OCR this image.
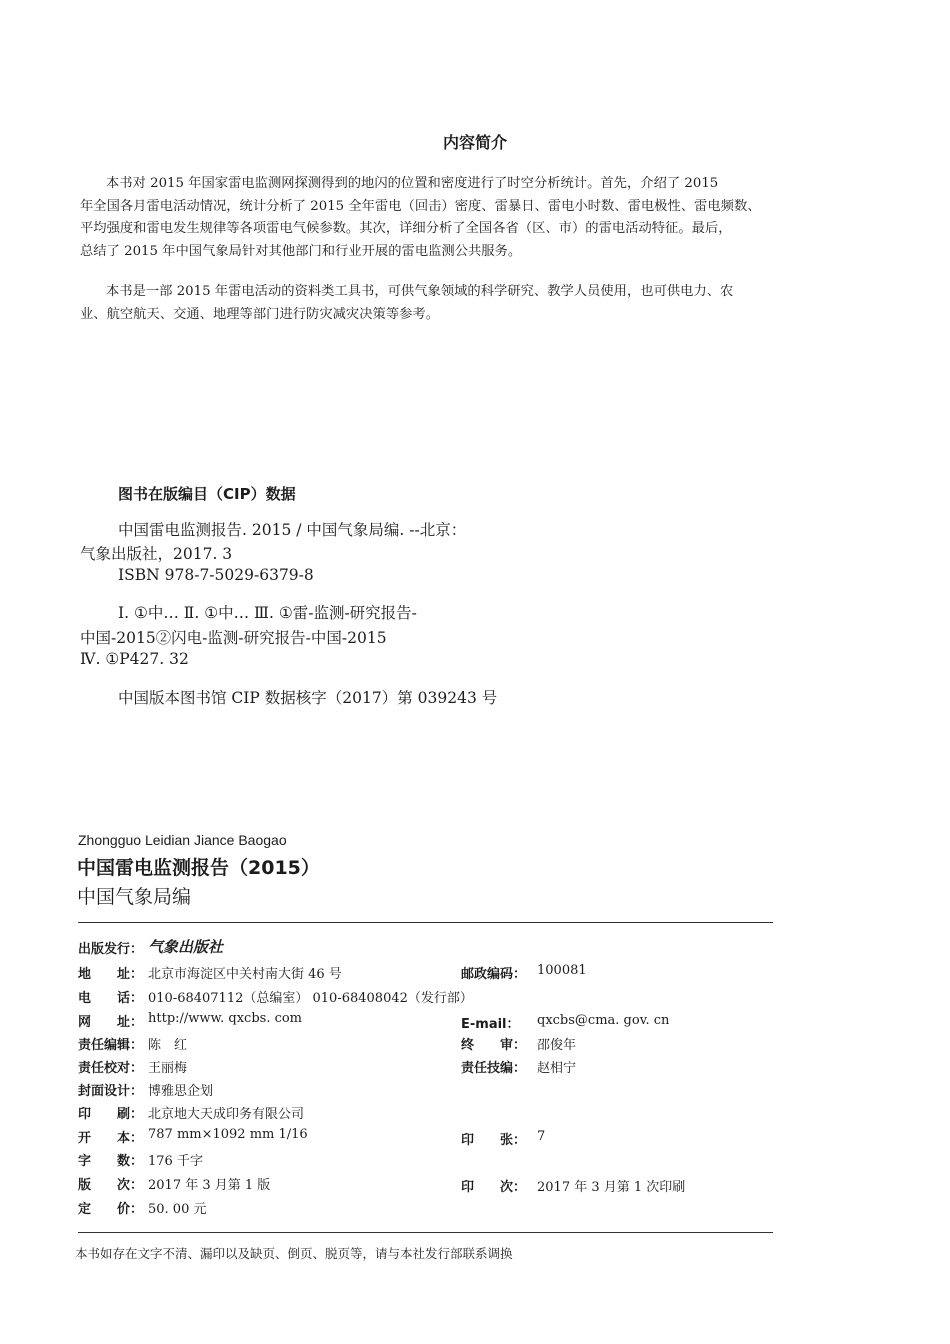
内容简介
本书对 2015 年国家雷电监测网探测得到的地闪的位置和密度进行了时空分析统计。首先，介绍了 2015
年全国各月雷电活动情况，统计分析了 2015 全年雷电（回击）密度、雷暴日、雷电小时数、雷电极性、雷电频数、
平均强度和雷电发生规律等各项雷电气候参数。其次，详细分析了全国各省（区、市）的雷电活动特征。最后，
总结了 2015 年中国气象局针对其他部门和行业开展的雷电监测公共服务。
本书是一部 2015 年雷电活动的资料类工具书，可供气象领域的科学研究、教学人员使用，也可供电力、农
业、航空航天、交通、地理等部门进行防灾减灾决策等参考。
图书在版编目（CIP）数据
中国雷电监测报告. 2015 / 中国气象局编. --北京：
气象出版社，2017. 3
ISBN 978-7-5029-6379-8
Ⅰ. ①中… Ⅱ. ①中… Ⅲ. ①雷-监测-研究报告-
中国-2015②闪电-监测-研究报告-中国-2015
Ⅳ. ①P427. 32
中国版本图书馆 CIP 数据核字（2017）第 039243 号
Zhongguo Leidian Jiance Baogao
中国雷电监测报告（2015）
中国气象局编
出版发行： 气象出版社
地　　址： 北京市海淀区中关村南大街 46 号	邮政编码： 100081
电　　话： 010-68407112（总编室） 010-68408042（发行部）
网　　址： http://www. qxcbs. com	E-mail： qxcbs@cma. gov. cn
责任编辑： 陈　红	终　　审： 邵俊年
责任校对： 王丽梅	责任技编： 赵相宁
封面设计： 博雅思企划
印　　刷： 北京地大天成印务有限公司
开　　本： 787 mm×1092 mm 1/16	印　　张： 7
字　　数： 176 千字
版　　次： 2017 年 3 月第 1 版	印　　次： 2017 年 3 月第 1 次印刷
定　　价： 50. 00 元
本书如存在文字不清、漏印以及缺页、倒页、脱页等，请与本社发行部联系调换
